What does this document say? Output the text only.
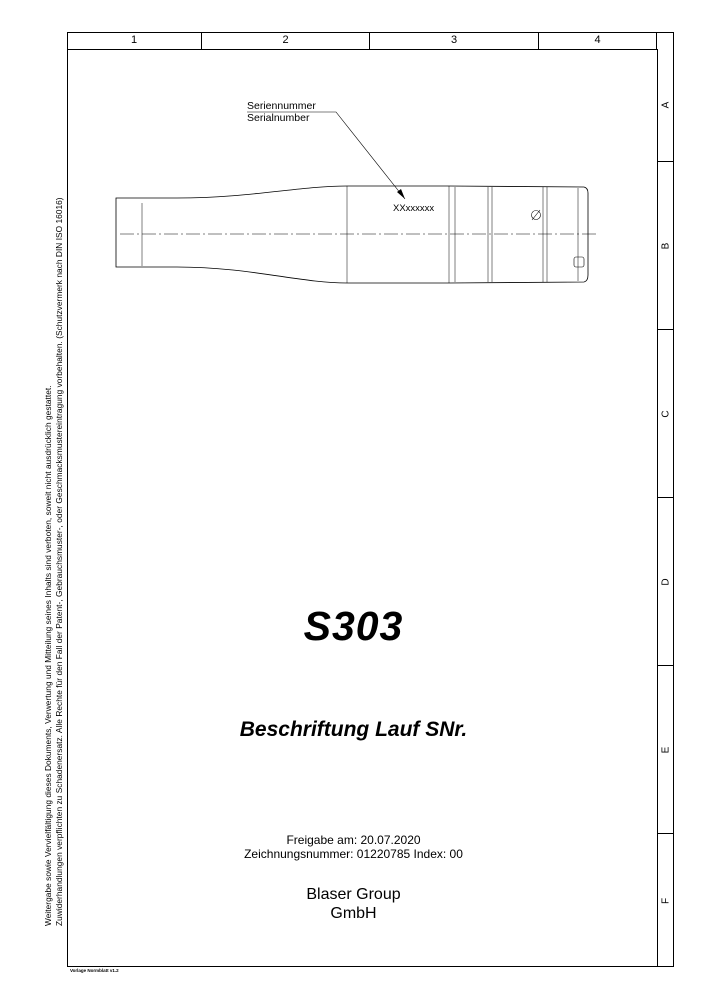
1	2	3	4
A
B
C
D
E
F
Weitergabe sowie Vervielfältigung dieses Dokuments, Verwertung und Mitteilung seines Inhalts sind verboten, soweit nicht ausdrücklich gestattet. Zuwiderhandlungen verpflichten zu Schadenersatz. Alle Rechte für den Fall der Patent-, Gebrauchsmuster-, oder Geschmacksmustereintragung vorbehalten. (Schutzvermerk nach DIN ISO 16016)
Seriennummer
Serialnumber
XXxxxxxx
S303
Beschriftung Lauf SNr.
Freigabe am: 20.07.2020
Zeichnungsnummer: 01220785 Index: 00
Blaser Group
GmbH
Vorlage Normblatt v1.2
